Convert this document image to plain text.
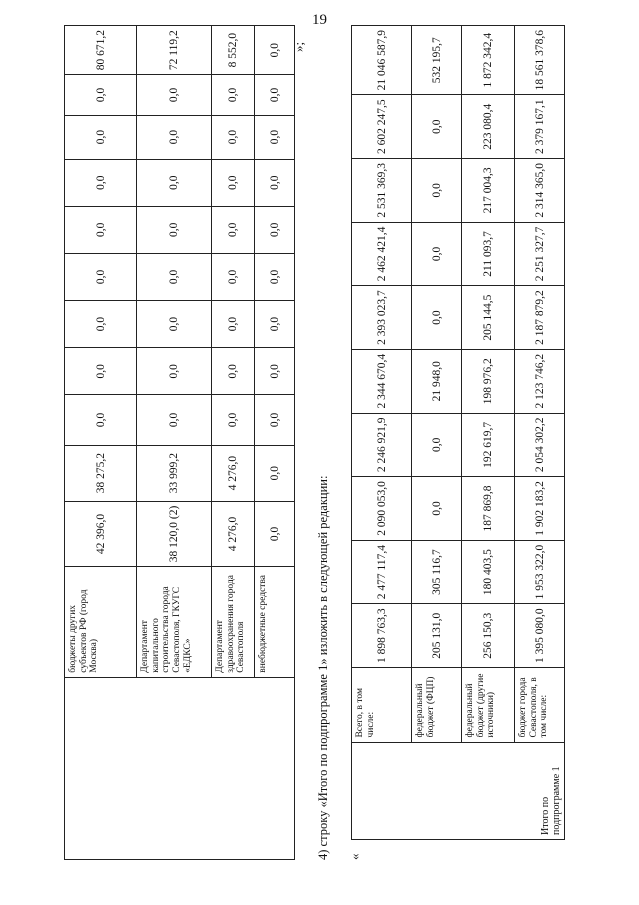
19
	бюджеты других субъектов РФ (город Москва)	42 396,0	38 275,2	0,0	0,0	0,0	0,0	0,0	0,0	0,0	0,0	80 671,2
	Департамент капитального строительства города Севастополя, ГКУГС «ЕДКС»	38 120,0 (2)	33 999,2	0,0	0,0	0,0	0,0	0,0	0,0	0,0	0,0	72 119,2
	Департамент здравоохранения города Севастополя	4 276,0	4 276,0	0,0	0,0	0,0	0,0	0,0	0,0	0,0	0,0	8 552,0
	внебюджетные средства	0,0	0,0	0,0	0,0	0,0	0,0	0,0	0,0	0,0	0,0	0,0 »;
4) строку «Итого по подпрограмме 1» изложить в следующей редакции: «
Итого по подпрограмме 1	Всего, в том числе:	1 898 763,3	2 477 117,4	2 090 053,0	2 246 921,9	2 344 670,4	2 393 023,7	2 462 421,4	2 531 369,3	2 602 247,5	21 046 587,9
	федеральный бюджет (ФЦП)	205 131,0	305 116,7	0,0	0,0	21 948,0	0,0	0,0	0,0	0,0	532 195,7
	федеральный бюджет (другие источники)	256 150,3	180 403,5	187 869,8	192 619,7	198 976,2	205 144,5	211 093,7	217 004,3	223 080,4	1 872 342,4
	бюджет города Севастополя, в том числе:	1 395 080,0	1 953 322,0	1 902 183,2	2 054 302,2	2 123 746,2	2 187 879,2	2 251 327,7	2 314 365,0	2 379 167,1	18 561 378,6
